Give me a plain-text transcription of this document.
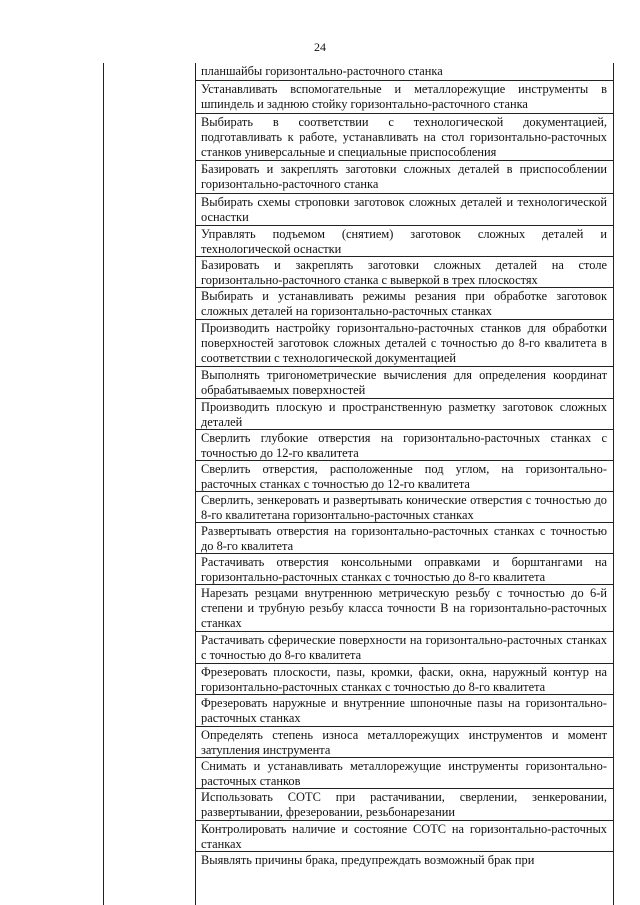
24
планшайбы горизонтально-расточного станка
Устанавливать вспомогательные и металлорежущие инструменты в шпиндель и заднюю стойку горизонтально-расточного станка
Выбирать в соответствии с технологической документацией, подготавливать к работе, устанавливать на стол горизонтально-расточных станков универсальные и специальные приспособления
Базировать и закреплять заготовки сложных деталей в приспособлении горизонтально-расточного станка
Выбирать схемы строповки заготовок сложных деталей и технологической оснастки
Управлять подъемом (снятием) заготовок сложных деталей и технологической оснастки
Базировать и закреплять заготовки сложных деталей на столе горизонтально-расточного станка с выверкой в трех плоскостях
Выбирать и устанавливать режимы резания при обработке заготовок сложных деталей на горизонтально-расточных станках
Производить настройку горизонтально-расточных станков для обработки поверхностей заготовок сложных деталей с точностью до 8-го квалитета в соответствии с технологической документацией
Выполнять тригонометрические вычисления для определения координат обрабатываемых поверхностей
Производить плоскую и пространственную разметку заготовок сложных деталей
Сверлить глубокие отверстия на горизонтально-расточных станках с точностью до 12-го квалитета
Сверлить отверстия, расположенные под углом, на горизонтально-расточных станках с точностью до 12-го квалитета
Сверлить, зенкеровать и развертывать конические отверстия с точностью до 8-го квалитетана горизонтально-расточных станках
Развертывать отверстия на горизонтально-расточных станках с точностью до 8-го квалитета
Растачивать отверстия консольными оправками и борштангами на горизонтально-расточных станках с точностью до 8-го квалитета
Нарезать резцами внутреннюю метрическую резьбу с точностью до 6-й степени и трубную резьбу класса точности B на горизонтально-расточных станках
Растачивать сферические поверхности на горизонтально-расточных станках с точностью до 8-го квалитета
Фрезеровать плоскости, пазы, кромки, фаски, окна, наружный контур на горизонтально-расточных станках с точностью до 8-го квалитета
Фрезеровать наружные и внутренние шпоночные пазы на горизонтально-расточных станках
Определять степень износа металлорежущих инструментов и момент затупления инструмента
Снимать и устанавливать металлорежущие инструменты горизонтально-расточных станков
Использовать СОТС при растачивании, сверлении, зенкеровании, развертывании, фрезеровании, резьбонарезании
Контролировать наличие и состояние СОТС на горизонтально-расточных станках
Выявлять причины брака, предупреждать возможный брак при
